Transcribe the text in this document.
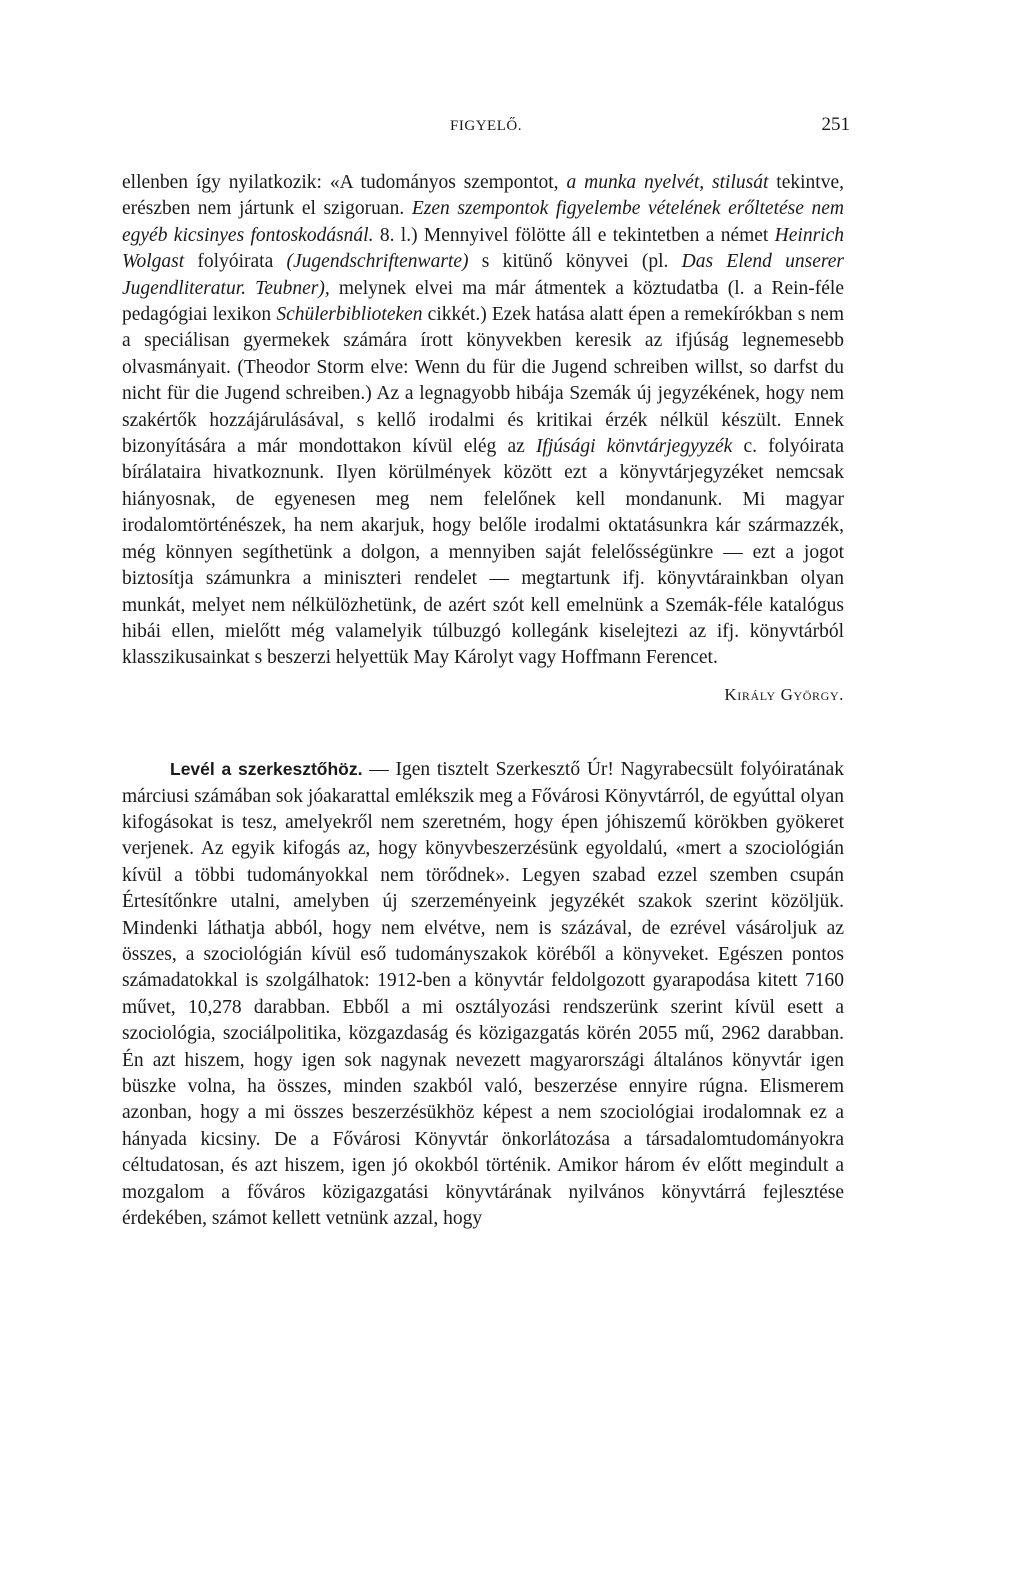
FIGYELŐ.	251

ellenben így nyilatkozik: «A tudományos szempontot, a munka nyelvét, stilusát tekintve, erészben nem jártunk el szigoruan. Ezen szempontok figyelembe vételének erőltetése nem egyéb kicsinyes fontoskodásnál. 8. l.) Mennyivel fölötte áll e tekintetben a német Heinrich Wolgast folyóirata (Jugendschriftenwarte) s kitünő könyvei (pl. Das Elend unserer Jugendliteratur. Teubner), melynek elvei ma már átmentek a köztudatba (l. a Rein-féle pedagógiai lexikon Schülerbiblioteken cikkét.) Ezek hatása alatt épen a remekírókban s nem a speciálisan gyermekek számára írott könyvekben keresik az ifjúság legnemesebb olvasmányait. (Theodor Storm elve: Wenn du für die Jugend schreiben willst, so darfst du nicht für die Jugend schreiben.) Az a legnagyobb hibája Szemák új jegyzékének, hogy nem szakértők hozzájárulásával, s kellő irodalmi és kritikai érzék nélkül készült. Ennek bizonyítására a már mondottakon kívül elég az Ifjúsági könvtárjegyyzék c. folyóirata bírálataira hivatkoznunk. Ilyen körülmények között ezt a könyvtárjegyzéket nemcsak hiányosnak, de egyenesen meg nem felelőnek kell mondanunk. Mi magyar irodalomtörténészek, ha nem akarjuk, hogy belőle irodalmi oktatásunkra kár származzék, még könnyen segíthetünk a dolgon, a mennyiben saját felelősségünkre — ezt a jogot biztosítja számunkra a miniszteri rendelet — megtartunk ifj. könyvtárainkban olyan munkát, melyet nem nélkülözhetünk, de azért szót kell emelnünk a Szemák-féle katalógus hibái ellen, mielőtt még valamelyik túlbuzgó kollegánk kiselejtezi az ifj. könyvtárból klasszikusainkat s beszerzi helyettük May Károlyt vagy Hoffmann Ferencet.

Király György.

Levél a szerkesztőhöz. — Igen tisztelt Szerkesztő Úr! Nagyrabecsült folyóiratának márciusi számában sok jóakarattal emlékszik meg a Fővárosi Könyvtárról, de egyúttal olyan kifogásokat is tesz, amelyekről nem szeretném, hogy épen jóhiszemű körökben gyökeret verjenek. Az egyik kifogás az, hogy könyvbeszerzésünk egyoldalú, «mert a szociológián kívül a többi tudományokkal nem törődnek». Legyen szabad ezzel szemben csupán Értesítőnkre utalni, amelyben új szerzeményeink jegyzékét szakok szerint közöljük. Mindenki láthatja abból, hogy nem elvétve, nem is százával, de ezrével vásároljuk az összes, a szociológián kívül eső tudományszakok köréből a könyveket. Egészen pontos számadatokkal is szolgálhatok: 1912-ben a könyvtár feldolgozott gyarapodása kitett 7160 művet, 10,278 darabban. Ebből a mi osztályozási rendszerünk szerint kívül esett a szociológia, szociálpolitika, közgazdaság és közigazgatás körén 2055 mű, 2962 darabban. Én azt hiszem, hogy igen sok nagynak nevezett magyarországi általános könyvtár igen büszke volna, ha összes, minden szakból való, beszerzése ennyire rúgna. Elismerem azonban, hogy a mi összes beszerzésükhöz képest a nem szociológiai irodalomnak ez a hányada kicsiny. De a Fővárosi Könyvtár önkorlátozása a társadalomtudományokra céltudatosan, és azt hiszem, igen jó okokból történik. Amikor három év előtt megindult a mozgalom a főváros közigazgatási könyvtárának nyilvános könyvtárrá fejlesztése érdekében, számot kellett vetnünk azzal, hogy
